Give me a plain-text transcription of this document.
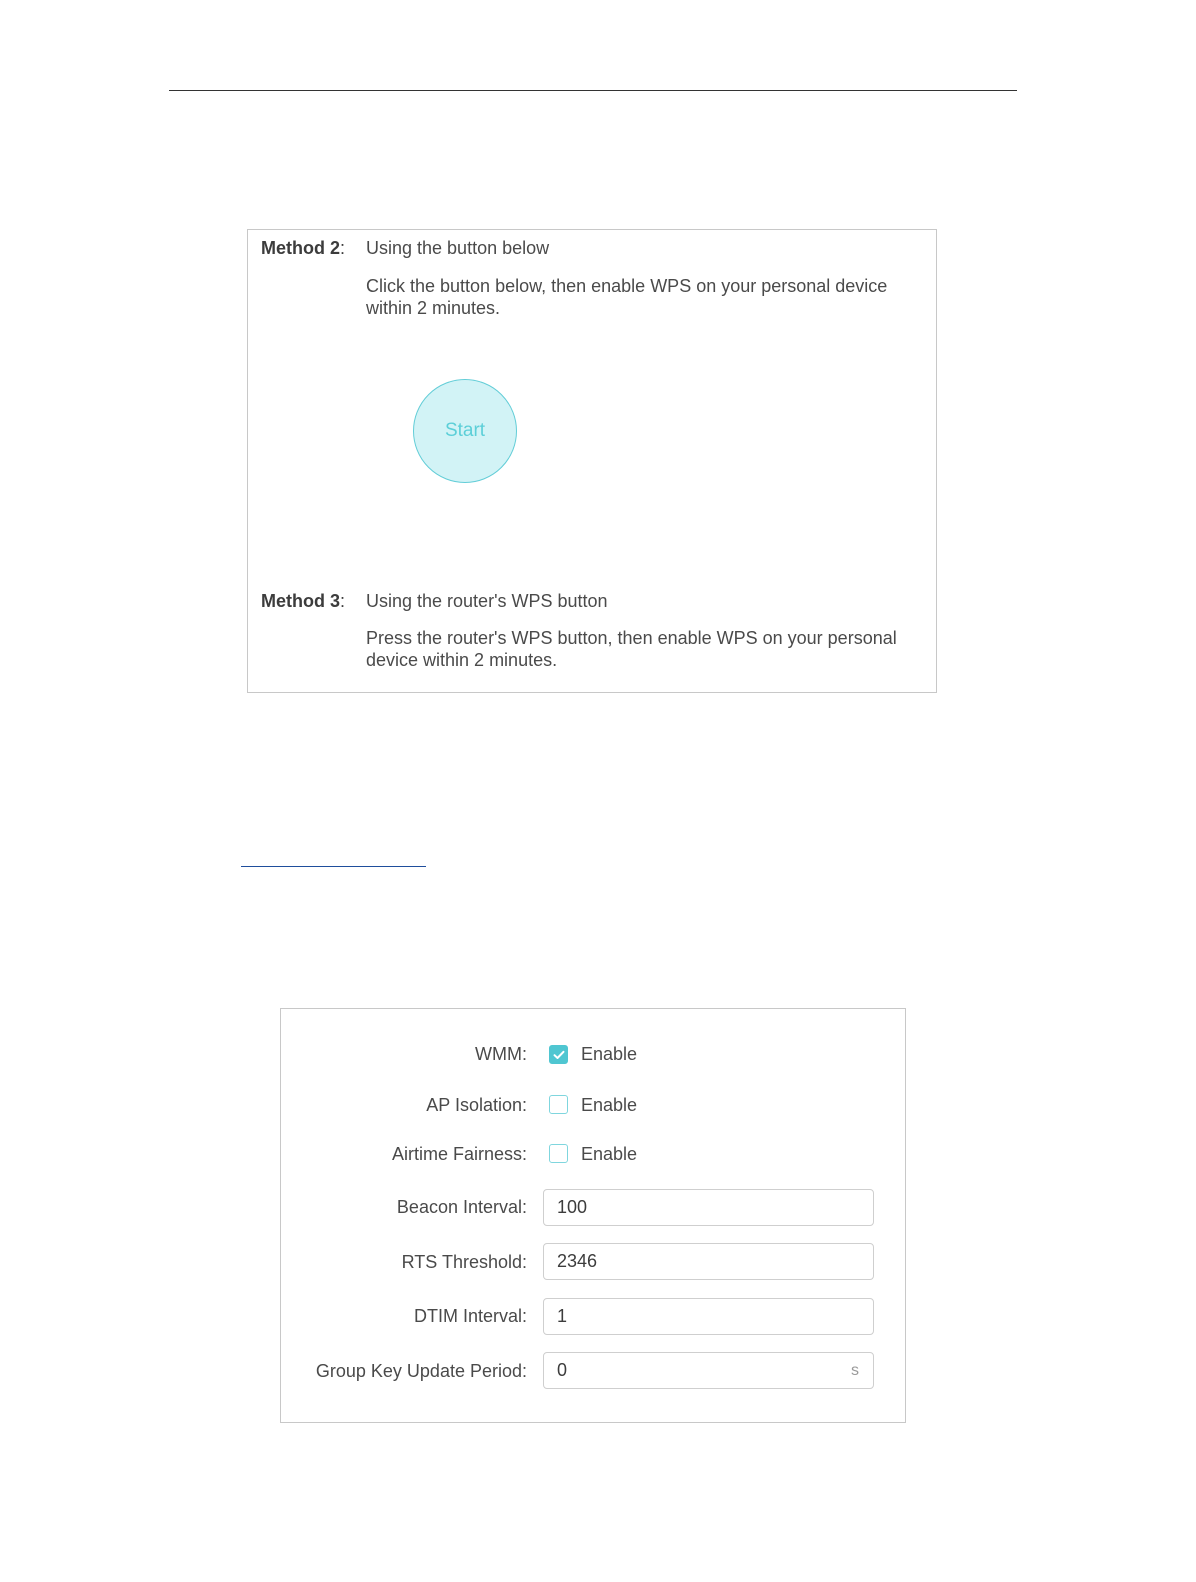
Method 2: Using the button below
Click the button below, then enable WPS on your personal device within 2 minutes.
Start
Method 3: Using the router's WPS button
Press the router's WPS button, then enable WPS on your personal device within 2 minutes.
WMM:	Enable
AP Isolation:	Enable
Airtime Fairness:	Enable
Beacon Interval:	100
RTS Threshold:	2346
DTIM Interval:	1
Group Key Update Period:	0	s
